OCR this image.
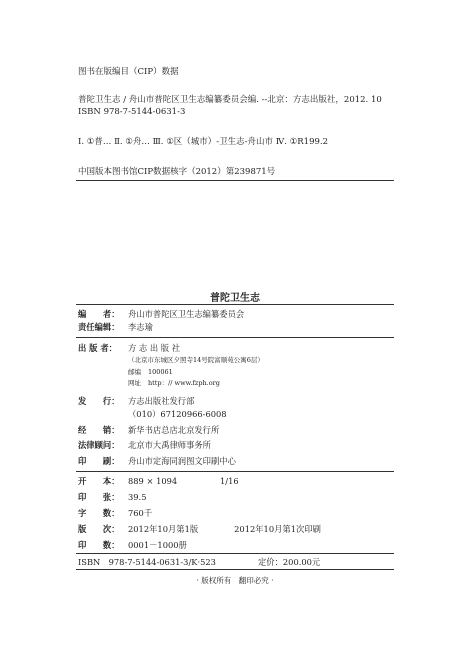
图书在版编目（CIP）数据
普陀卫生志 / 舟山市普陀区卫生志编纂委员会编. --北京：方志出版社，2012. 10
ISBN 978-7-5144-0631-3
Ⅰ. ①普… Ⅱ. ①舟… Ⅲ. ①区（城市）-卫生志-舟山市 Ⅳ. ①R199.2
中国版本图书馆CIP数据核字（2012）第239871号
普陀卫生志
编　　者： 舟山市普陀区卫生志编纂委员会
责任编辑： 李志瑜
出 版 者： 方 志 出 版 社
（北京市东城区夕照寺14号院富顺苑公寓6层）
邮编 100061
网址 http：// www.fzph.org
发　　行： 方志出版社发行部
（010）67120966-6008
经　　销： 新华书店总店北京发行所
法律顾问： 北京市大禹律师事务所
印　　刷： 舟山市定海同润图文印刷中心
开　　本： 889 × 1094	1/16
印　　张： 39.5
字　　数： 760千
版　　次： 2012年10月第1版	2012年10月第1次印刷
印　　数： 0001－1000册
ISBN　978-7-5144-0631-3/K·523	定价：200.00元
· 版权所有　翻印必究 ·
